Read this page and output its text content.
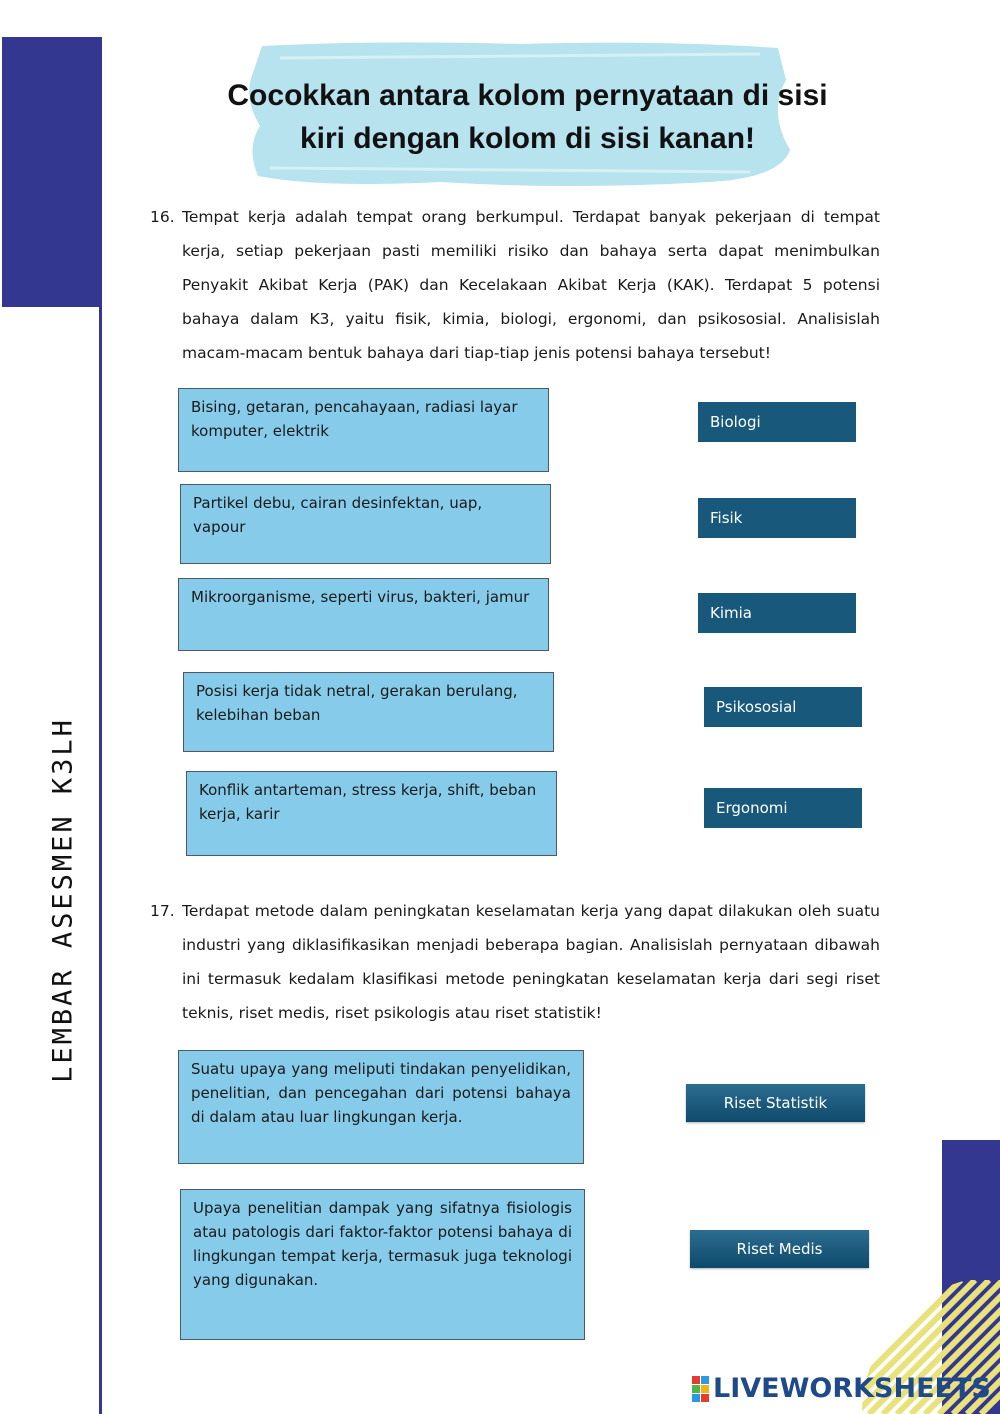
LEMBAR ASESMEN K3LH
Cocokkan antara kolom pernyataan di sisi
kiri dengan kolom di sisi kanan!
16. Tempat kerja adalah tempat orang berkumpul. Terdapat banyak pekerjaan di tempat kerja, setiap pekerjaan pasti memiliki risiko dan bahaya serta dapat menimbulkan Penyakit Akibat Kerja (PAK) dan Kecelakaan Akibat Kerja (KAK). Terdapat 5 potensi bahaya dalam K3, yaitu fisik, kimia, biologi, ergonomi, dan psikososial. Analisislah macam-macam bentuk bahaya dari tiap-tiap jenis potensi bahaya tersebut!
Bising, getaran, pencahayaan, radiasi layar komputer, elektrik
Partikel debu, cairan desinfektan, uap, vapour
Mikroorganisme, seperti virus, bakteri, jamur
Posisi kerja tidak netral, gerakan berulang, kelebihan beban
Konflik antarteman, stress kerja, shift, beban kerja, karir
Biologi
Fisik
Kimia
Psikososial
Ergonomi
17. Terdapat metode dalam peningkatan keselamatan kerja yang dapat dilakukan oleh suatu industri yang diklasifikasikan menjadi beberapa bagian. Analisislah pernyataan dibawah ini termasuk kedalam klasifikasi metode peningkatan keselamatan kerja dari segi riset teknis, riset medis, riset psikologis atau riset statistik!
Suatu upaya yang meliputi tindakan penyelidikan, penelitian, dan pencegahan dari potensi bahaya di dalam atau luar lingkungan kerja.
Upaya penelitian dampak yang sifatnya fisiologis atau patologis dari faktor-faktor potensi bahaya di lingkungan tempat kerja, termasuk juga teknologi yang digunakan.
Riset Statistik
Riset Medis
LIVEWORKSHEETS
